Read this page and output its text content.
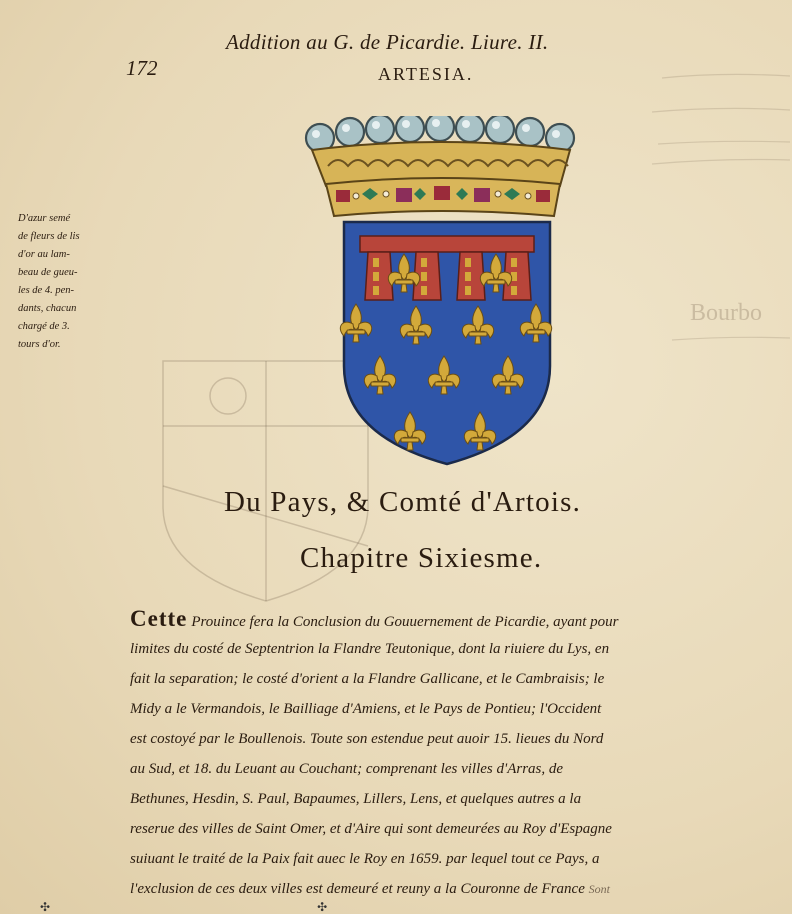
Bourbo
Addition au G. de Picardie. Liure. II.
172	ARTESIA.
D'azur semé
de fleurs de lis
d'or au lam-
beau de gueu-
les de 4. pen-
dants, chacun
chargé de 3.
tours d'or.
Du Pays, & Comté d'Artois.
Chapitre Sixiesme.
Cette Prouince fera la Conclusion du Gouuernement de Picardie, ayant pour
limites du costé de Septentrion la Flandre Teutonique, dont la riuiere du Lys, en
fait la separation; le costé d'orient a la Flandre Gallicane, et le Cambraisis; le
Midy a le Vermandois, le Bailliage d'Amiens, et le Pays de Pontieu; l'Occident
est costoyé par le Boullenois. Toute son estendue peut auoir 15. lieues du Nord
au Sud, et 18. du Leuant au Couchant; comprenant les villes d'Arras, de
Bethunes, Hesdin, S. Paul, Bapaumes, Lillers, Lens, et quelques autres a la
reserue des villes de Saint Omer, et d'Aire qui sont demeurées au Roy d'Espagne
suiuant le traité de la Paix fait auec le Roy en 1659. par lequel tout ce Pays, a
l'exclusion de ces deux villes est demeuré et reuny a la Couronne de France Sont
✣                                                                      ✣
